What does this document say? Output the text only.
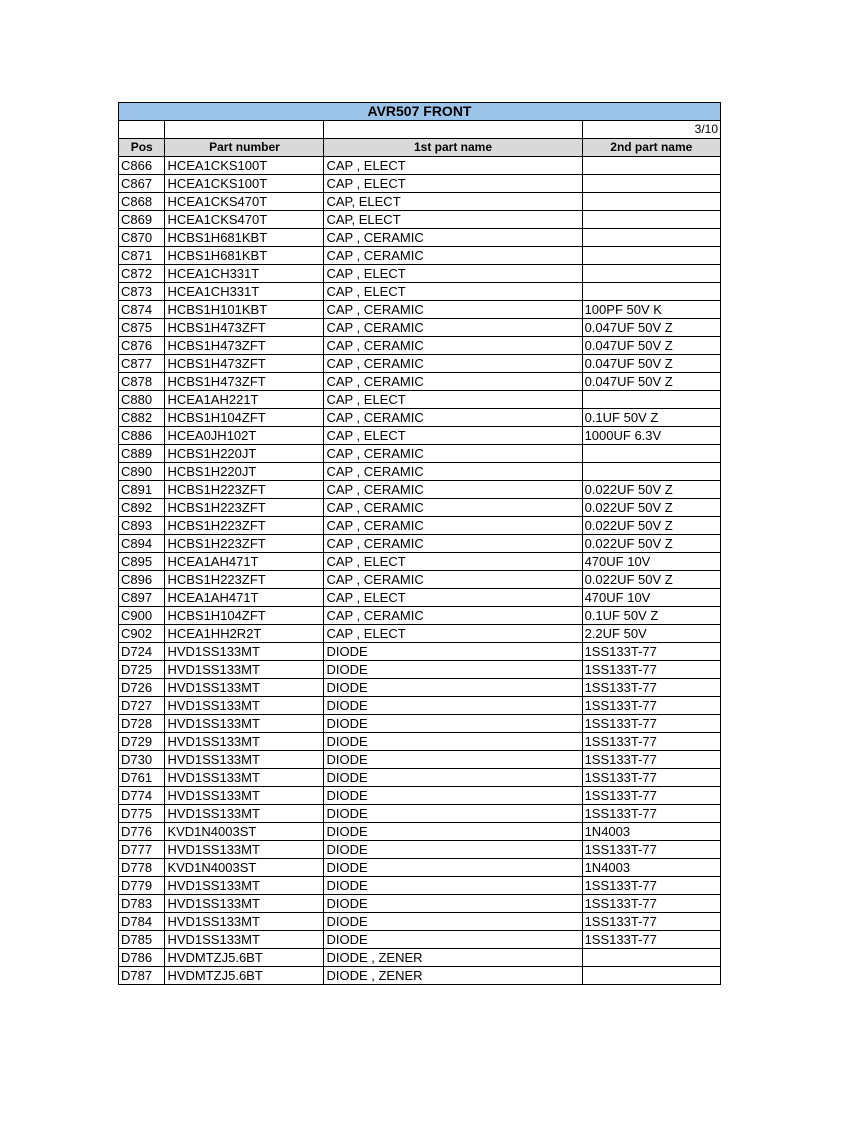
AVR507 FRONT			
			3/10
Pos	Part number	1st part name	2nd part name
C866	HCEA1CKS100T	CAP , ELECT	
C867	HCEA1CKS100T	CAP , ELECT	
C868	HCEA1CKS470T	CAP, ELECT	
C869	HCEA1CKS470T	CAP, ELECT	
C870	HCBS1H681KBT	CAP , CERAMIC	
C871	HCBS1H681KBT	CAP , CERAMIC	
C872	HCEA1CH331T	CAP , ELECT	
C873	HCEA1CH331T	CAP , ELECT	
C874	HCBS1H101KBT	CAP , CERAMIC	100PF 50V K
C875	HCBS1H473ZFT	CAP , CERAMIC	0.047UF 50V Z
C876	HCBS1H473ZFT	CAP , CERAMIC	0.047UF 50V Z
C877	HCBS1H473ZFT	CAP , CERAMIC	0.047UF 50V Z
C878	HCBS1H473ZFT	CAP , CERAMIC	0.047UF 50V Z
C880	HCEA1AH221T	CAP , ELECT	
C882	HCBS1H104ZFT	CAP , CERAMIC	0.1UF 50V Z
C886	HCEA0JH102T	CAP , ELECT	1000UF 6.3V
C889	HCBS1H220JT	CAP , CERAMIC	
C890	HCBS1H220JT	CAP , CERAMIC	
C891	HCBS1H223ZFT	CAP , CERAMIC	0.022UF 50V Z
C892	HCBS1H223ZFT	CAP , CERAMIC	0.022UF 50V Z
C893	HCBS1H223ZFT	CAP , CERAMIC	0.022UF 50V Z
C894	HCBS1H223ZFT	CAP , CERAMIC	0.022UF 50V Z
C895	HCEA1AH471T	CAP , ELECT	470UF 10V
C896	HCBS1H223ZFT	CAP , CERAMIC	0.022UF 50V Z
C897	HCEA1AH471T	CAP , ELECT	470UF 10V
C900	HCBS1H104ZFT	CAP , CERAMIC	0.1UF 50V Z
C902	HCEA1HH2R2T	CAP , ELECT	2.2UF 50V
D724	HVD1SS133MT	DIODE	1SS133T-77
D725	HVD1SS133MT	DIODE	1SS133T-77
D726	HVD1SS133MT	DIODE	1SS133T-77
D727	HVD1SS133MT	DIODE	1SS133T-77
D728	HVD1SS133MT	DIODE	1SS133T-77
D729	HVD1SS133MT	DIODE	1SS133T-77
D730	HVD1SS133MT	DIODE	1SS133T-77
D761	HVD1SS133MT	DIODE	1SS133T-77
D774	HVD1SS133MT	DIODE	1SS133T-77
D775	HVD1SS133MT	DIODE	1SS133T-77
D776	KVD1N4003ST	DIODE	1N4003
D777	HVD1SS133MT	DIODE	1SS133T-77
D778	KVD1N4003ST	DIODE	1N4003
D779	HVD1SS133MT	DIODE	1SS133T-77
D783	HVD1SS133MT	DIODE	1SS133T-77
D784	HVD1SS133MT	DIODE	1SS133T-77
D785	HVD1SS133MT	DIODE	1SS133T-77
D786	HVDMTZJ5.6BT	DIODE , ZENER	
D787	HVDMTZJ5.6BT	DIODE , ZENER	
